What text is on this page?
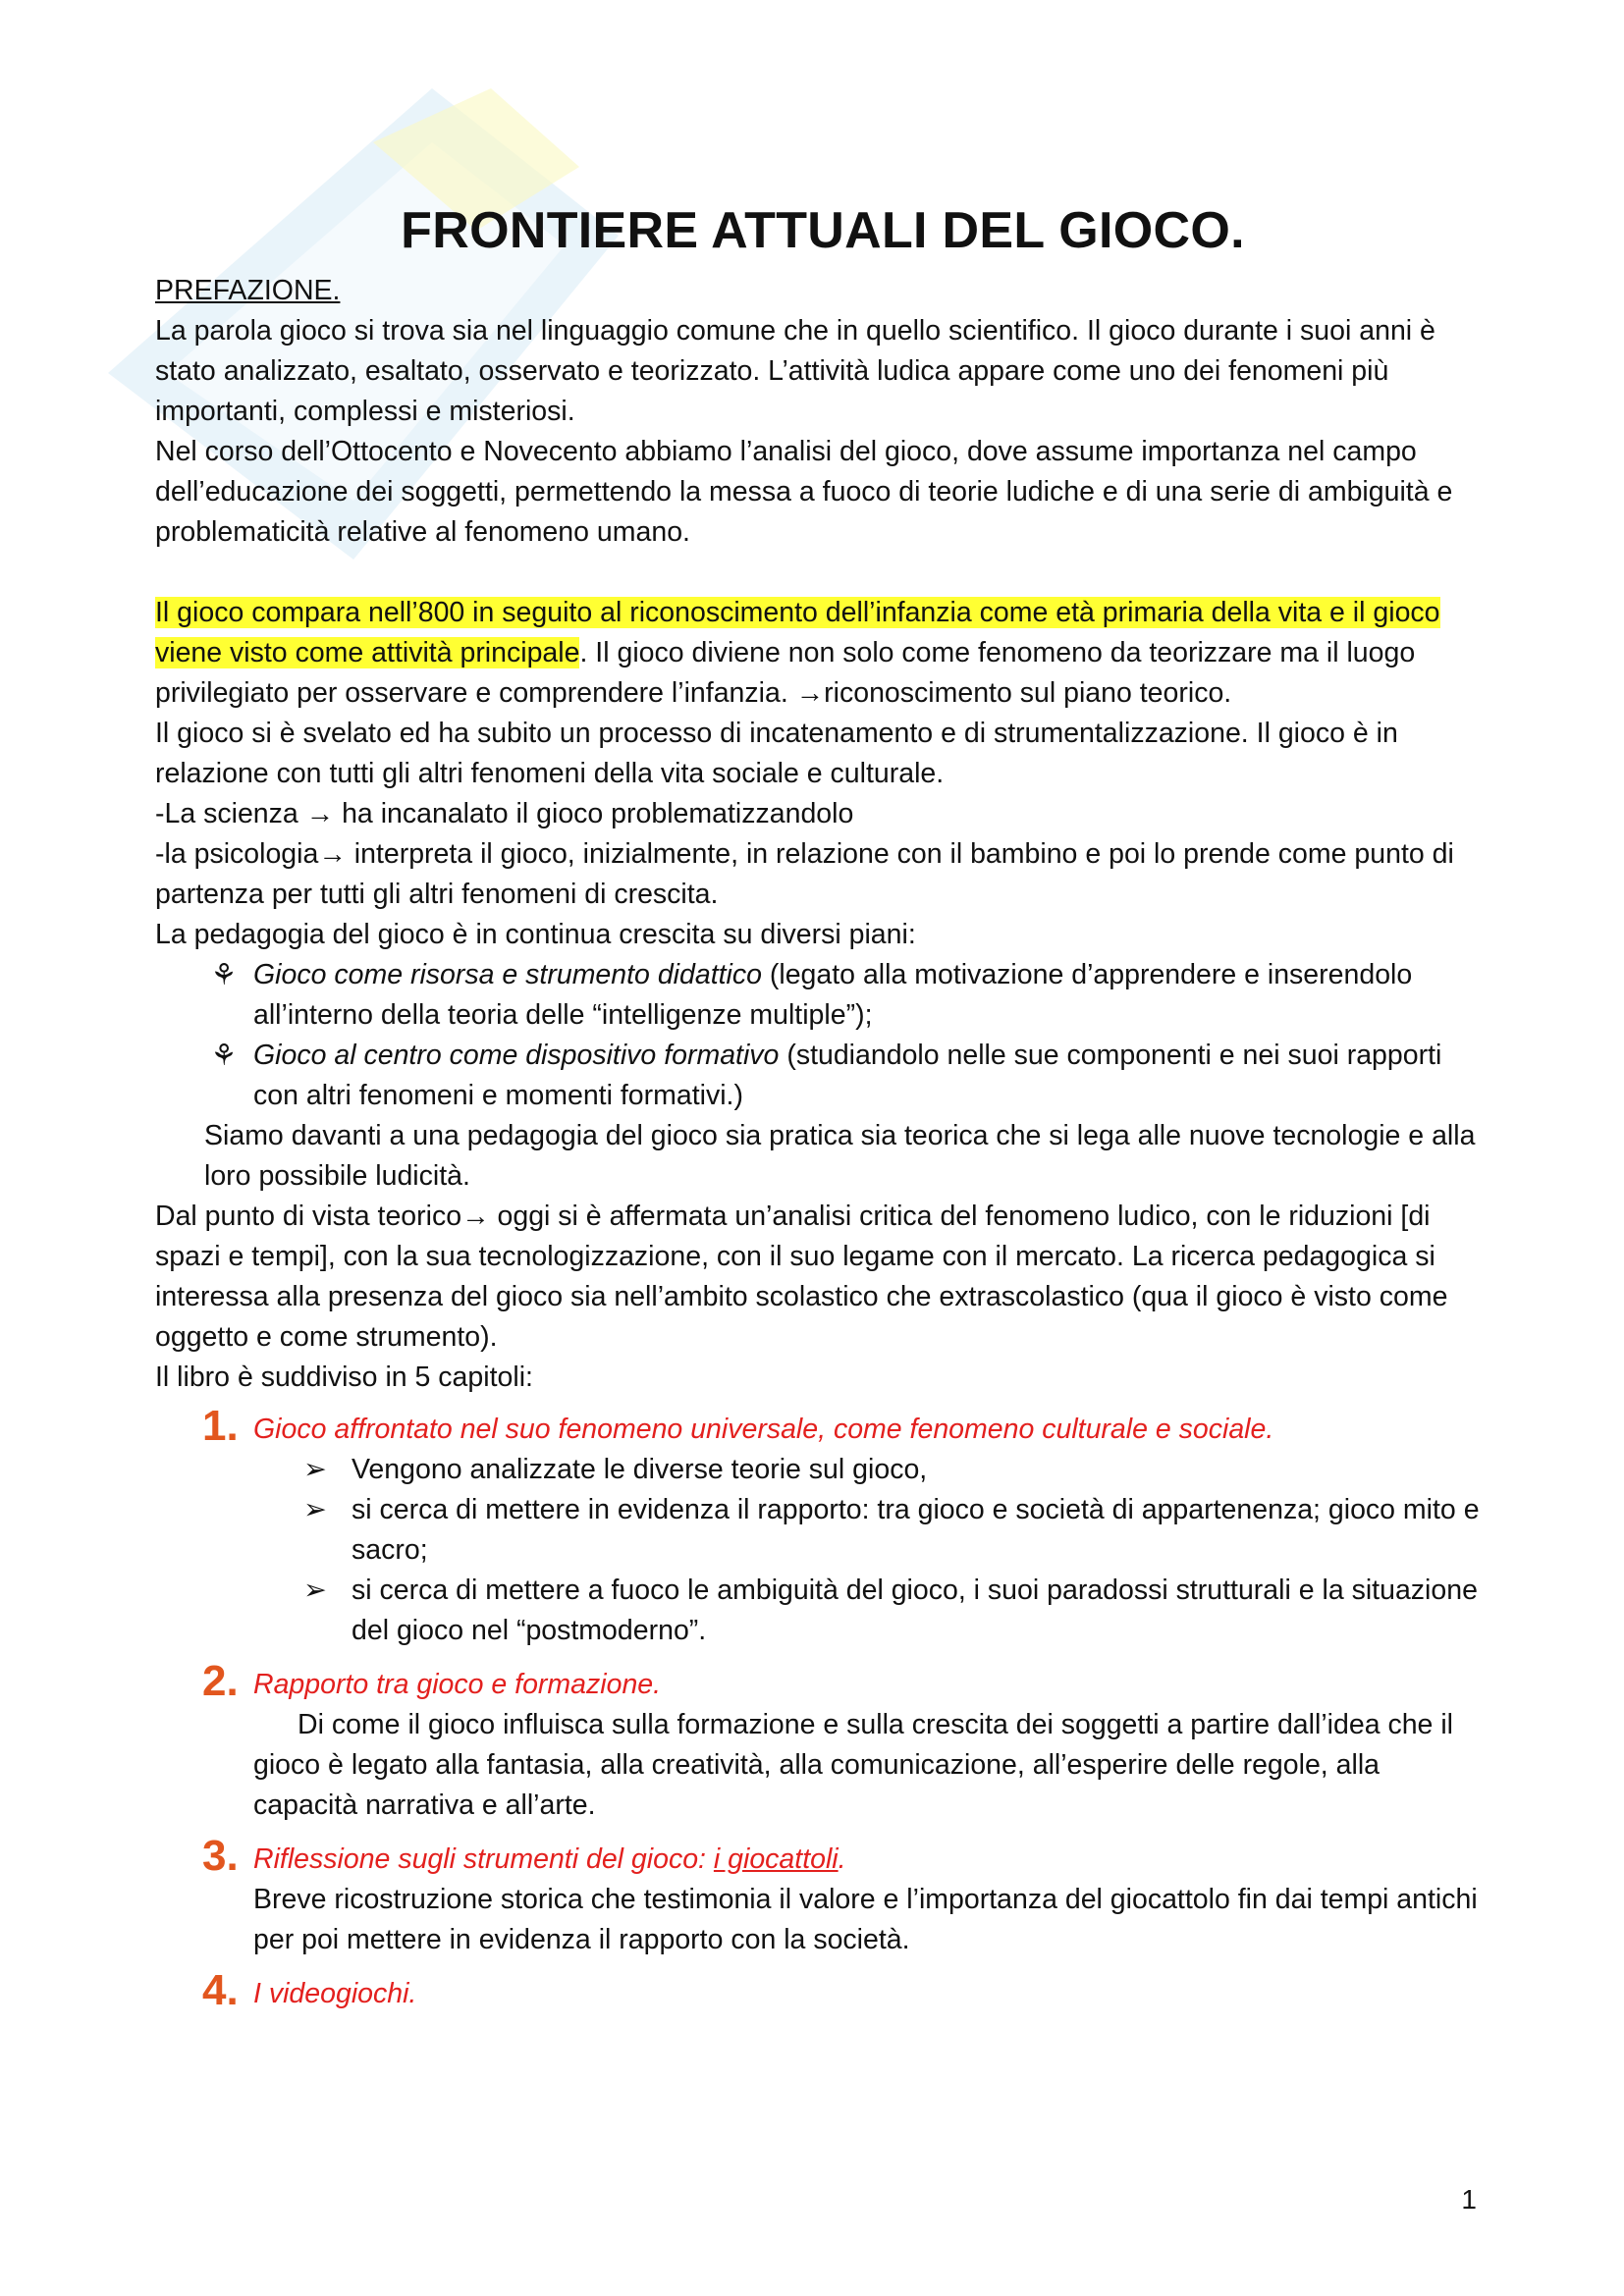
FRONTIERE ATTUALI DEL GIOCO.

PREFAZIONE.

La parola gioco si trova sia nel linguaggio comune che in quello scientifico. Il gioco durante i suoi anni è stato analizzato, esaltato, osservato e teorizzato. L’attività ludica appare come uno dei fenomeni più importanti, complessi e misteriosi.

Nel corso dell’Ottocento e Novecento abbiamo l’analisi del gioco, dove assume importanza nel campo dell’educazione dei soggetti, permettendo la messa a fuoco di teorie ludiche e di una serie di ambiguità e problematicità relative al fenomeno umano.

Il gioco compara nell’800 in seguito al riconoscimento dell’infanzia come età primaria della vita e il gioco viene visto come attività principale. Il gioco diviene non solo come fenomeno da teorizzare ma il luogo privilegiato per osservare e comprendere l’infanzia. →riconoscimento sul piano teorico.

Il gioco si è svelato ed ha subito un processo di incatenamento e di strumentalizzazione. Il gioco è in relazione con tutti gli altri fenomeni della vita sociale e culturale.

-La scienza → ha incanalato il gioco problematizzandolo

-la psicologia→ interpreta il gioco, inizialmente, in relazione con il bambino e poi lo prende come punto di partenza per tutti gli altri fenomeni di crescita.

La pedagogia del gioco è in continua crescita su diversi piani:

⚘ Gioco come risorsa e strumento didattico (legato alla motivazione d’apprendere e inserendolo all’interno della teoria delle “intelligenze multiple”);
⚘ Gioco al centro come dispositivo formativo (studiandolo nelle sue componenti e nei suoi rapporti con altri fenomeni e momenti formativi.)

Siamo davanti a una pedagogia del gioco sia pratica sia teorica che si lega alle nuove tecnologie e alla loro possibile ludicità.

Dal punto di vista teorico→ oggi si è affermata un’analisi critica del fenomeno ludico, con le riduzioni [di spazi e tempi], con la sua tecnologizzazione, con il suo legame con il mercato. La ricerca pedagogica si interessa alla presenza del gioco sia nell’ambito scolastico che extrascolastico (qua il gioco è visto come oggetto e come strumento).

Il libro è suddiviso in 5 capitoli:

1. Gioco affrontato nel suo fenomeno universale, come fenomeno culturale e sociale.
➢ Vengono analizzate le diverse teorie sul gioco,
➢ si cerca di mettere in evidenza il rapporto: tra gioco e società di appartenenza; gioco mito e sacro;
➢ si cerca di mettere a fuoco le ambiguità del gioco, i suoi paradossi strutturali e la situazione del gioco nel “postmoderno”.
2. Rapporto tra gioco e formazione.

Di come il gioco influisca sulla formazione e sulla crescita dei soggetti a partire dall’idea che il gioco è legato alla fantasia, alla creatività, alla comunicazione, all’esperire delle regole, alla capacità narrativa e all’arte.

3. Riflessione sugli strumenti del gioco: i giocattoli.

Breve ricostruzione storica che testimonia il valore e l’importanza del giocattolo fin dai tempi antichi per poi mettere in evidenza il rapporto con la società.

4. I videogiochi.
1
